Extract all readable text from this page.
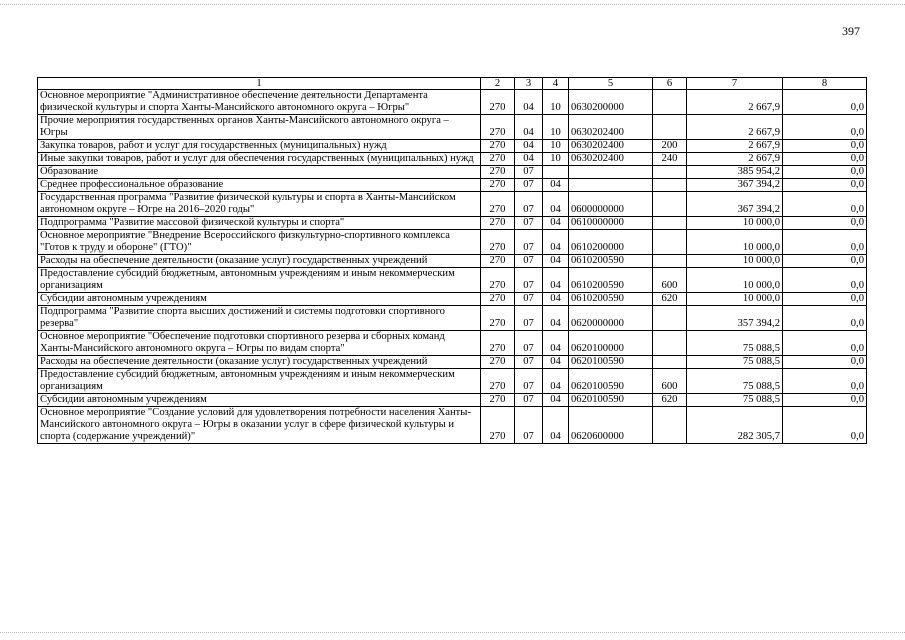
397
1	2	3	4	5	6	7	8
Основное мероприятие "Административное обеспечение деятельности Департамента физической культуры и спорта Ханты-Мансийского автономного округа – Югры"	270	04	10	0630200000		2 667,9	0,0
Прочие мероприятия государственных органов Ханты-Мансийского автономного округа – Югры	270	04	10	0630202400		2 667,9	0,0
Закупка товаров, работ и услуг для государственных (муниципальных) нужд	270	04	10	0630202400	200	2 667,9	0,0
Иные закупки товаров, работ и услуг для обеспечения государственных (муниципальных) нужд	270	04	10	0630202400	240	2 667,9	0,0
Образование	270	07				385 954,2	0,0
Среднее профессиональное образование	270	07	04			367 394,2	0,0
Государственная программа "Развитие физической культуры и спорта в Ханты-Мансийском автономном округе – Югре на 2016–2020 годы"	270	07	04	0600000000		367 394,2	0,0
Подпрограмма "Развитие массовой физической культуры и спорта"	270	07	04	0610000000		10 000,0	0,0
Основное мероприятие "Внедрение Всероссийского физкультурно-спортивного комплекса "Готов к труду и обороне" (ГТО)"	270	07	04	0610200000		10 000,0	0,0
Расходы на обеспечение деятельности (оказание услуг) государственных учреждений	270	07	04	0610200590		10 000,0	0,0
Предоставление субсидий бюджетным, автономным учреждениям и иным некоммерческим организациям	270	07	04	0610200590	600	10 000,0	0,0
Субсидии автономным учреждениям	270	07	04	0610200590	620	10 000,0	0,0
Подпрограмма "Развитие спорта высших достижений и системы подготовки спортивного резерва"	270	07	04	0620000000		357 394,2	0,0
Основное мероприятие "Обеспечение подготовки спортивного резерва и сборных команд Ханты-Мансийского автономного округа – Югры по видам спорта"	270	07	04	0620100000		75 088,5	0,0
Расходы на обеспечение деятельности (оказание услуг) государственных учреждений	270	07	04	0620100590		75 088,5	0,0
Предоставление субсидий бюджетным, автономным учреждениям и иным некоммерческим организациям	270	07	04	0620100590	600	75 088,5	0,0
Субсидии автономным учреждениям	270	07	04	0620100590	620	75 088,5	0,0
Основное мероприятие "Создание условий для удовлетворения потребности населения Ханты-Мансийского автономного округа – Югры в оказании услуг в сфере физической культуры и спорта (содержание учреждений)"	270	07	04	0620600000		282 305,7	0,0
